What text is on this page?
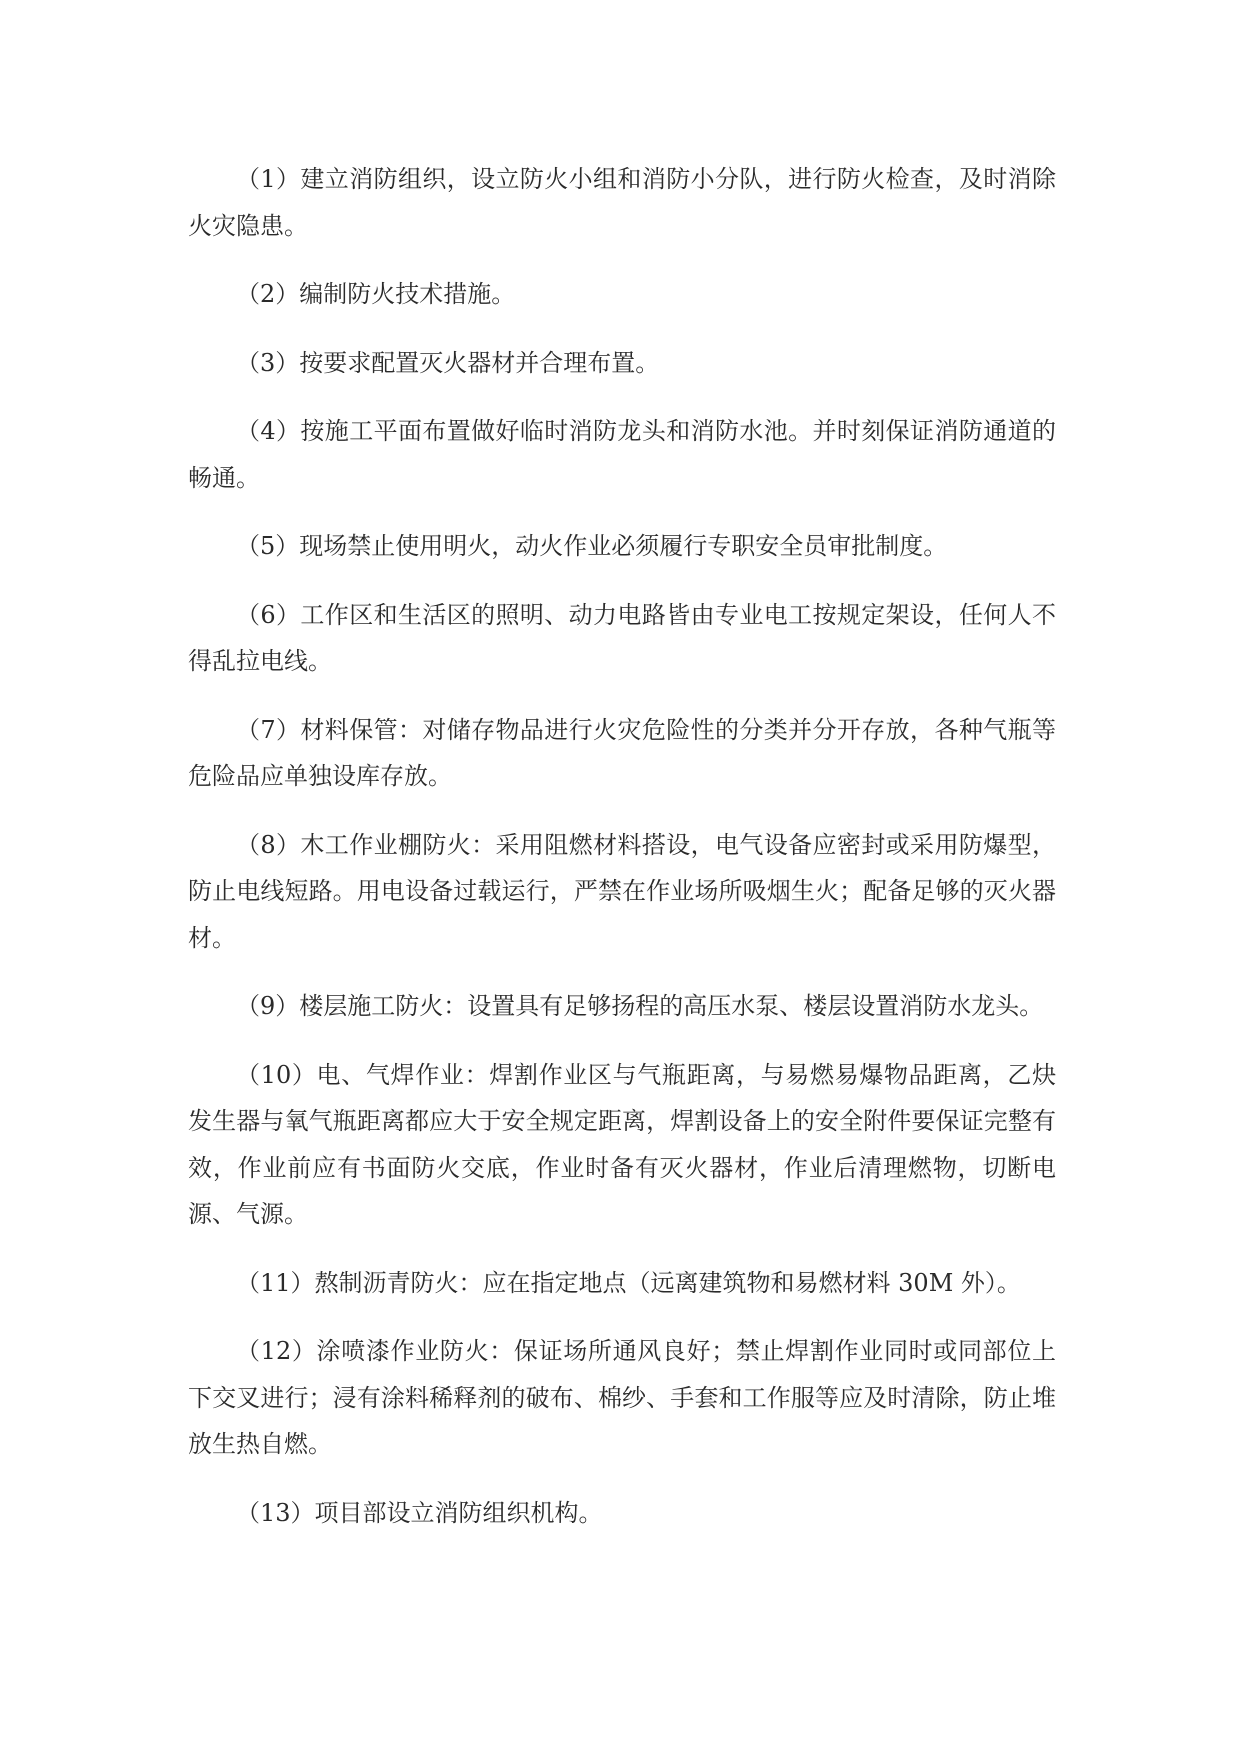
（1）建立消防组织，设立防火小组和消防小分队，进行防火检查，及时消除火灾隐患。

（2）编制防火技术措施。

（3）按要求配置灭火器材并合理布置。

（4）按施工平面布置做好临时消防龙头和消防水池。并时刻保证消防通道的畅通。

（5）现场禁止使用明火，动火作业必须履行专职安全员审批制度。

（6）工作区和生活区的照明、动力电路皆由专业电工按规定架设，任何人不得乱拉电线。

（7）材料保管：对储存物品进行火灾危险性的分类并分开存放，各种气瓶等危险品应单独设库存放。

（8）木工作业棚防火：采用阻燃材料搭设，电气设备应密封或采用防爆型，防止电线短路。用电设备过载运行，严禁在作业场所吸烟生火；配备足够的灭火器材。

（9）楼层施工防火：设置具有足够扬程的高压水泵、楼层设置消防水龙头。

（10）电、气焊作业：焊割作业区与气瓶距离，与易燃易爆物品距离，乙炔发生器与氧气瓶距离都应大于安全规定距离，焊割设备上的安全附件要保证完整有效，作业前应有书面防火交底，作业时备有灭火器材，作业后清理燃物，切断电源、气源。

（11）熬制沥青防火：应在指定地点（远离建筑物和易燃材料 30M 外）。

（12）涂喷漆作业防火：保证场所通风良好；禁止焊割作业同时或同部位上下交叉进行；浸有涂料稀释剂的破布、棉纱、手套和工作服等应及时清除，防止堆放生热自燃。

（13）项目部设立消防组织机构。
